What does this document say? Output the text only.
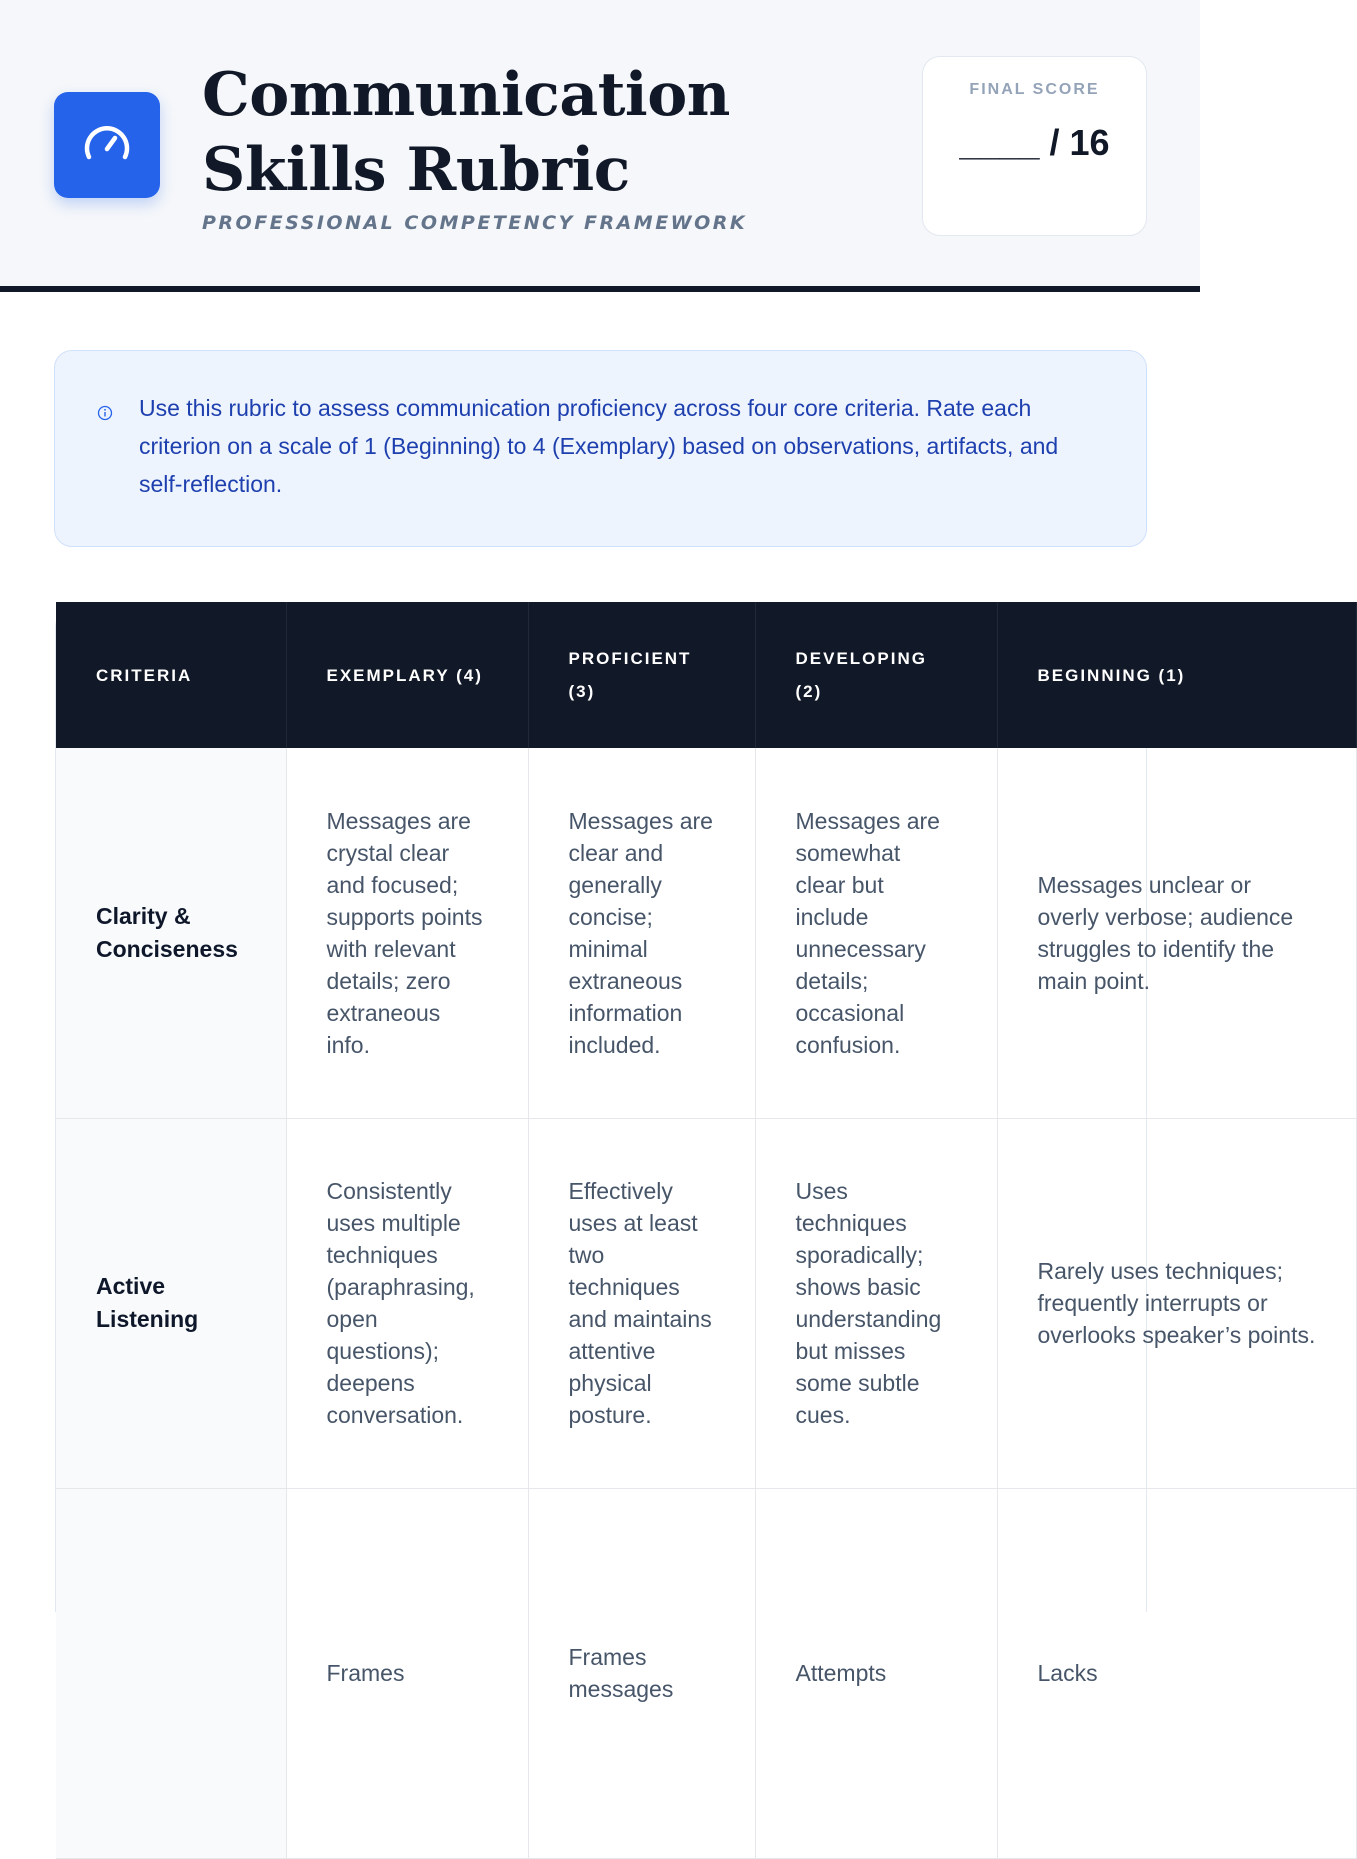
Communication Skills Rubric
PROFESSIONAL COMPETENCY FRAMEWORK
FINAL SCORE
____ / 16

Use this rubric to assess communication proficiency across four core criteria. Rate each criterion on a scale of 1 (Beginning) to 4 (Exemplary) based on observations, artifacts, and self-reflection.

CRITERIA	EXEMPLARY (4)	PROFICIENT (3)	DEVELOPING (2)	BEGINNING (1)
Clarity & Conciseness	Messages are crystal clear and focused; supports points with relevant details; zero extraneous info.	Messages are clear and generally concise; minimal extraneous information included.	Messages are somewhat clear but include unnecessary details; occasional confusion.	Messages unclear or overly verbose; audience struggles to identify the main point.
Active Listening	Consistently uses multiple techniques (paraphrasing, open questions); deepens conversation.	Effectively uses at least two techniques and maintains attentive physical posture.	Uses techniques sporadically; shows basic understanding but misses some subtle cues.	Rarely uses techniques; frequently interrupts or overlooks speaker’s points.
	Frames	Frames messages	Attempts	Lacks
